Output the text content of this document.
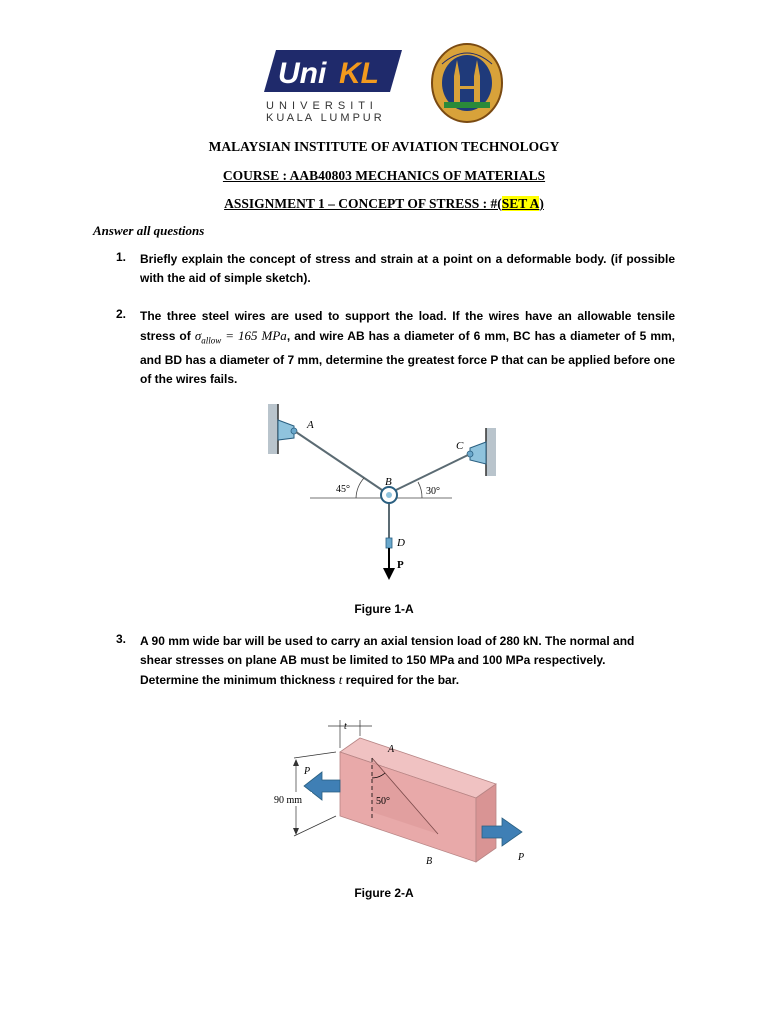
Uni KL
U N I V E R S I T I
K U A L A   L U M P U R
MALAYSIAN INSTITUTE OF AVIATION TECHNOLOGY
COURSE : AAB40803 MECHANICS OF MATERIALS
ASSIGNMENT 1 – CONCEPT OF STRESS : #(SET A)
Answer all questions
1. Briefly explain the concept of stress and strain at a point on a deformable body. (if possible with the aid of simple sketch).
2. The three steel wires are used to support the load. If the wires have an allowable tensile stress of $\sigma_{allow} = 165$ MPa, and wire AB has a diameter of 6 mm, BC has a diameter of 5 mm, and BD has a diameter of 7 mm, determine the greatest force P that can be applied before one of the wires fails.
A
C
B
45°	30°
D
P
Figure 1-A
3. A 90 mm wide bar will be used to carry an axial tension load of 280 kN. The normal and
shear stresses on plane AB must be limited to 150 MPa and 100 MPa respectively.
Determine the minimum thickness t required for the bar.
t
A
B
P
P
90 mm	50°
Figure 2-A
